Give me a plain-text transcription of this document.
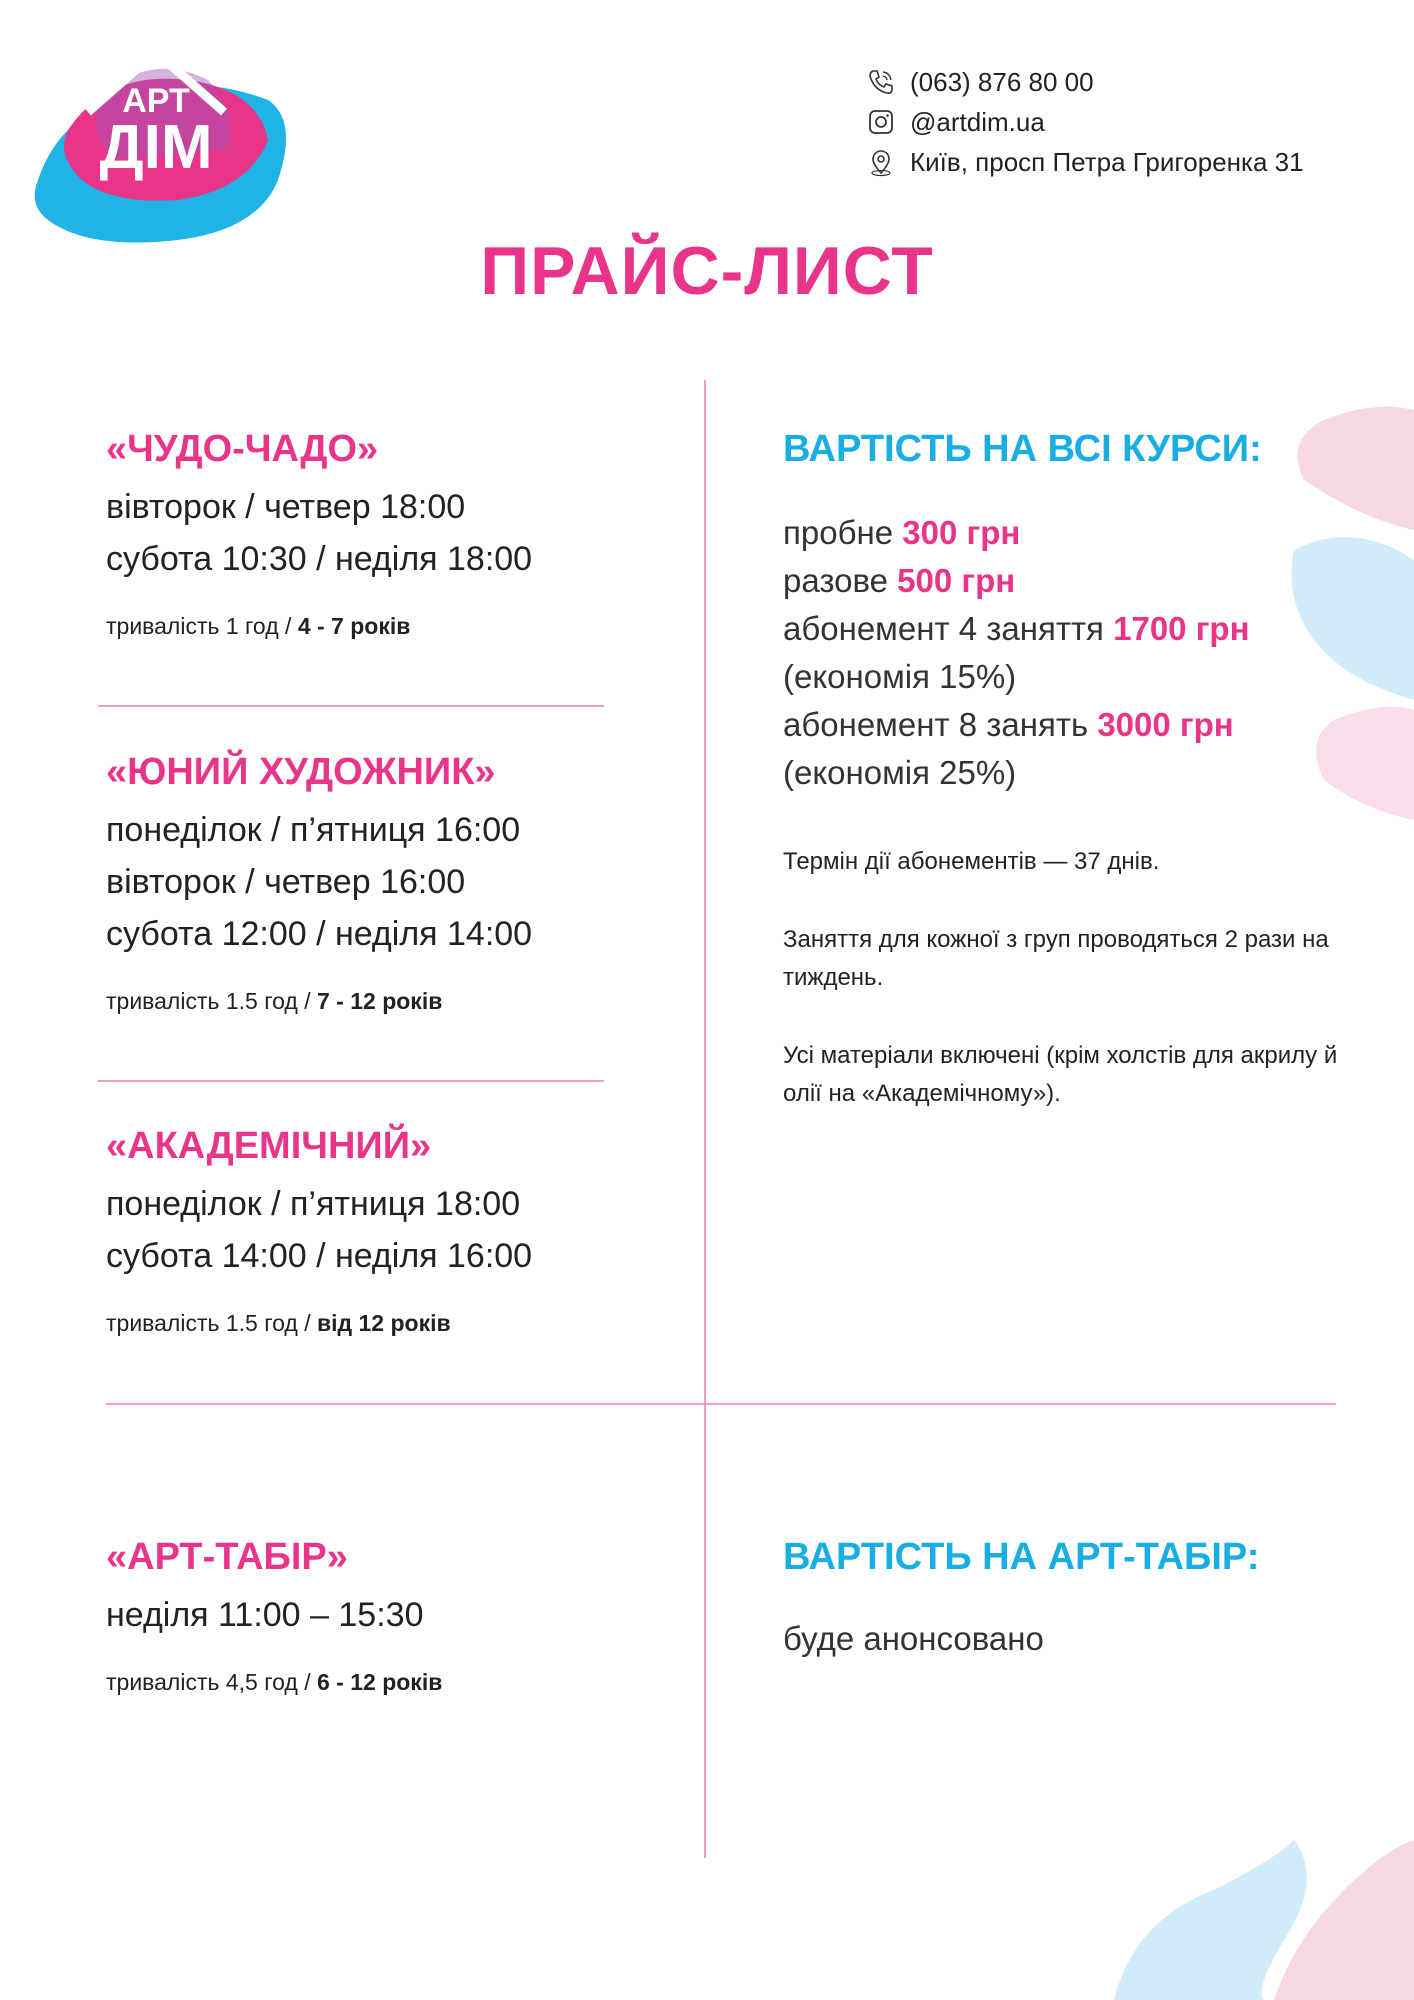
АРТ
ДІМ
(063) 876 80 00
@artdim.ua
Київ, просп Петра Григоренка 31
ПРАЙС-ЛИСТ
«ЧУДО-ЧАДО»
вівторок / четвер 18:00
субота 10:30 / неділя 18:00
тривалість 1 год / 4 - 7 років
«ЮНИЙ ХУДОЖНИК»
понеділок / п’ятниця 16:00
вівторок / четвер 16:00
субота 12:00 / неділя 14:00
тривалість 1.5 год / 7 - 12 років
«АКАДЕМІЧНИЙ»
понеділок / п’ятниця 18:00
субота 14:00 / неділя 16:00
тривалість 1.5 год / від 12 років
ВАРТІСТЬ НА ВСІ КУРСИ:
пробне 300 грн
разове 500 грн
абонемент 4 заняття 1700 грн
(економія 15%)
абонемент 8 занять 3000 грн
(економія 25%)
Термін дії абонементів — 37 днів.
Заняття для кожної з груп проводяться 2 рази на тиждень.
Усі матеріали включені (крім холстів для акрилу й олії на «Академічному»).
«АРТ-ТАБІР»
неділя 11:00 – 15:30
тривалість 4,5 год / 6 - 12 років
ВАРТІСТЬ НА АРТ-ТАБІР:
буде анонсовано
